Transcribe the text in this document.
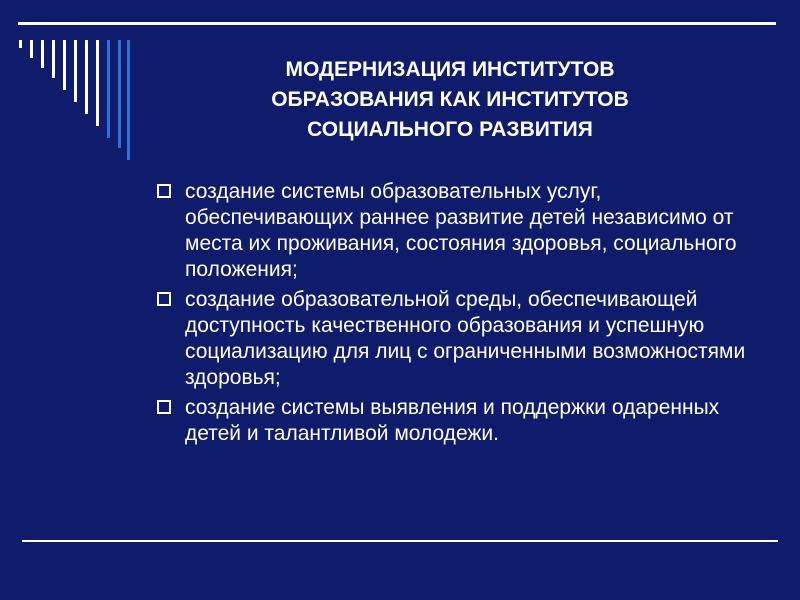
МОДЕРНИЗАЦИЯ ИНСТИТУТОВ
ОБРАЗОВАНИЯ КАК ИНСТИТУТОВ
СОЦИАЛЬНОГО РАЗВИТИЯ
создание системы образовательных услуг, обеспечивающих раннее развитие детей независимо от места их проживания, состояния здоровья, социального положения;
создание образовательной среды, обеспечивающей доступность качественного образования и успешную социализацию для лиц с ограниченными возможностями здоровья;
создание системы выявления и поддержки одаренных детей и талантливой молодежи.
